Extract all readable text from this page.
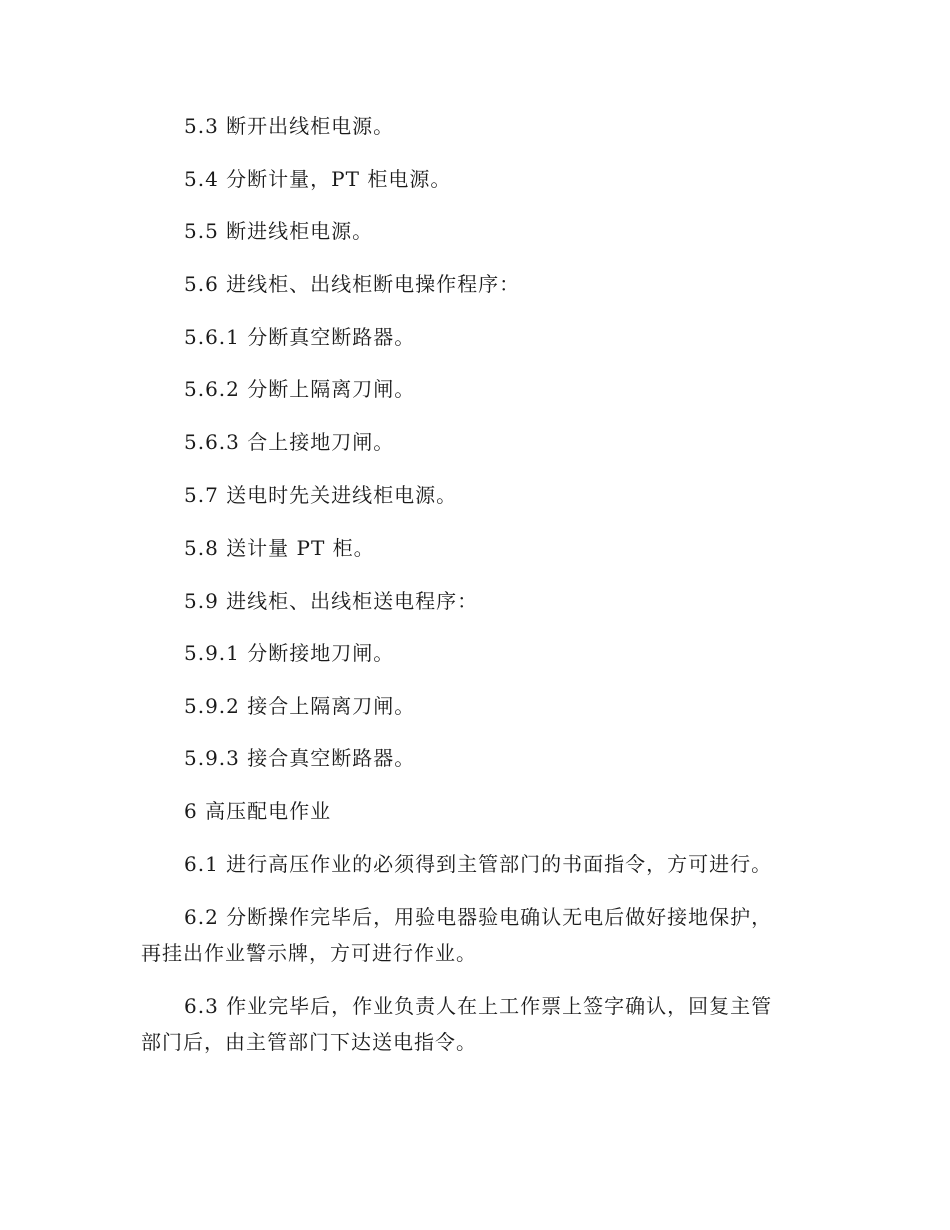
5.3 断开出线柜电源。
5.4 分断计量，PT 柜电源。
5.5 断进线柜电源。
5.6 进线柜、出线柜断电操作程序：
5.6.1 分断真空断路器。
5.6.2 分断上隔离刀闸。
5.6.3 合上接地刀闸。
5.7 送电时先关进线柜电源。
5.8 送计量 PT 柜。
5.9 进线柜、出线柜送电程序：
5.9.1 分断接地刀闸。
5.9.2 接合上隔离刀闸。
5.9.3 接合真空断路器。
6 高压配电作业
6.1 进行高压作业的必须得到主管部门的书面指令，方可进行。
6.2 分断操作完毕后，用验电器验电确认无电后做好接地保护，
再挂出作业警示牌，方可进行作业。
6.3 作业完毕后，作业负责人在上工作票上签字确认，回复主管
部门后，由主管部门下达送电指令。
